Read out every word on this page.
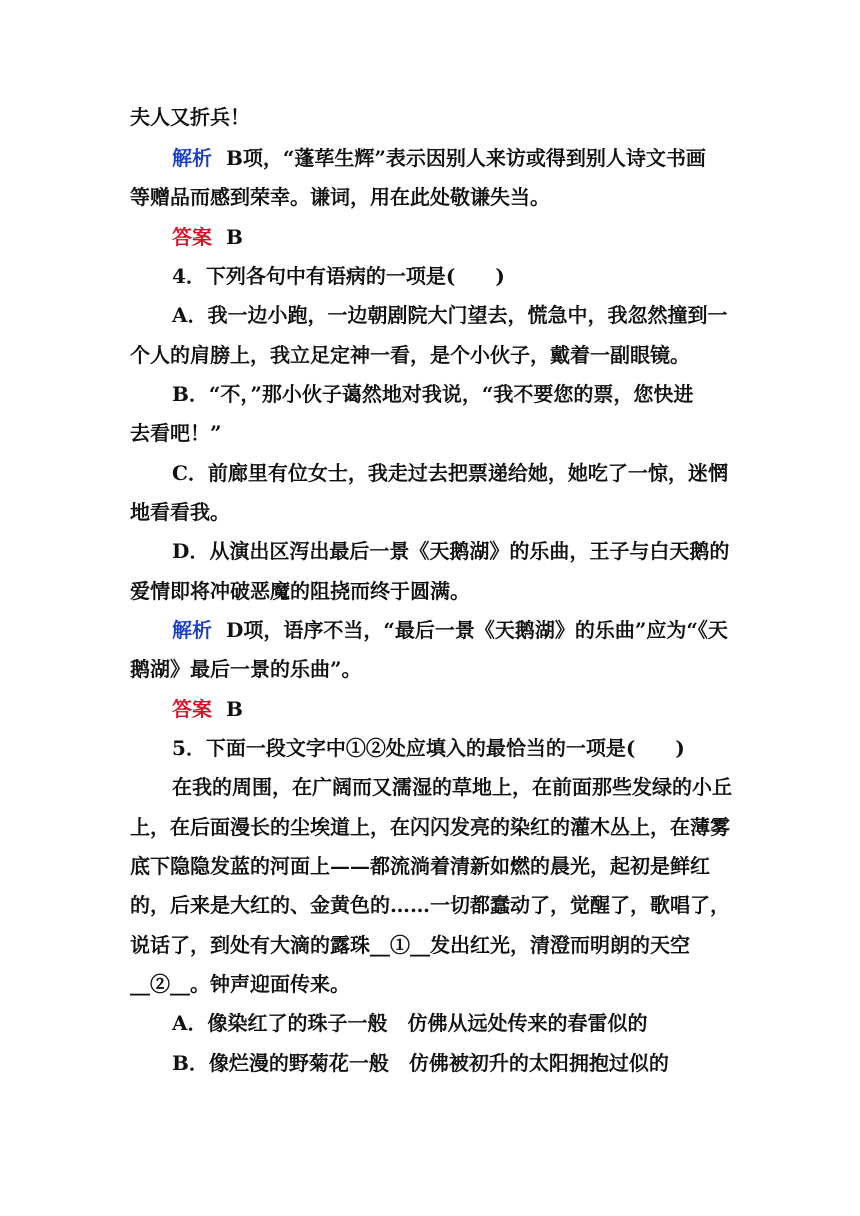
夫人又折兵！
解析 B项，“蓬荜生辉”表示因别人来访或得到别人诗文书画
等赠品而感到荣幸。谦词，用在此处敬谦失当。
答案 B
4．下列各句中有语病的一项是(　　)
A．我一边小跑，一边朝剧院大门望去，慌急中，我忽然撞到一
个人的肩膀上，我立足定神一看，是个小伙子，戴着一副眼镜。
B．“不，”那小伙子蔼然地对我说，“我不要您的票，您快进
去看吧！”
C．前廊里有位女士，我走过去把票递给她，她吃了一惊，迷惘
地看看我。
D．从演出区泻出最后一景《天鹅湖》的乐曲，王子与白天鹅的
爱情即将冲破恶魔的阻挠而终于圆满。
解析 D项，语序不当，“最后一景《天鹅湖》的乐曲”应为“《天
鹅湖》最后一景的乐曲”。
答案 B
5．下面一段文字中①②处应填入的最恰当的一项是(　　)
在我的周围，在广阔而又濡湿的草地上，在前面那些发绿的小丘
上，在后面漫长的尘埃道上，在闪闪发亮的染红的灌木丛上，在薄雾
底下隐隐发蓝的河面上——都流淌着清新如燃的晨光，起初是鲜红
的，后来是大红的、金黄色的……一切都蠢动了，觉醒了，歌唱了，
说话了，到处有大滴的露珠__①__发出红光，清澄而明朗的天空
__②__。钟声迎面传来。
A．像染红了的珠子一般　仿佛从远处传来的春雷似的
B．像烂漫的野菊花一般　仿佛被初升的太阳拥抱过似的
